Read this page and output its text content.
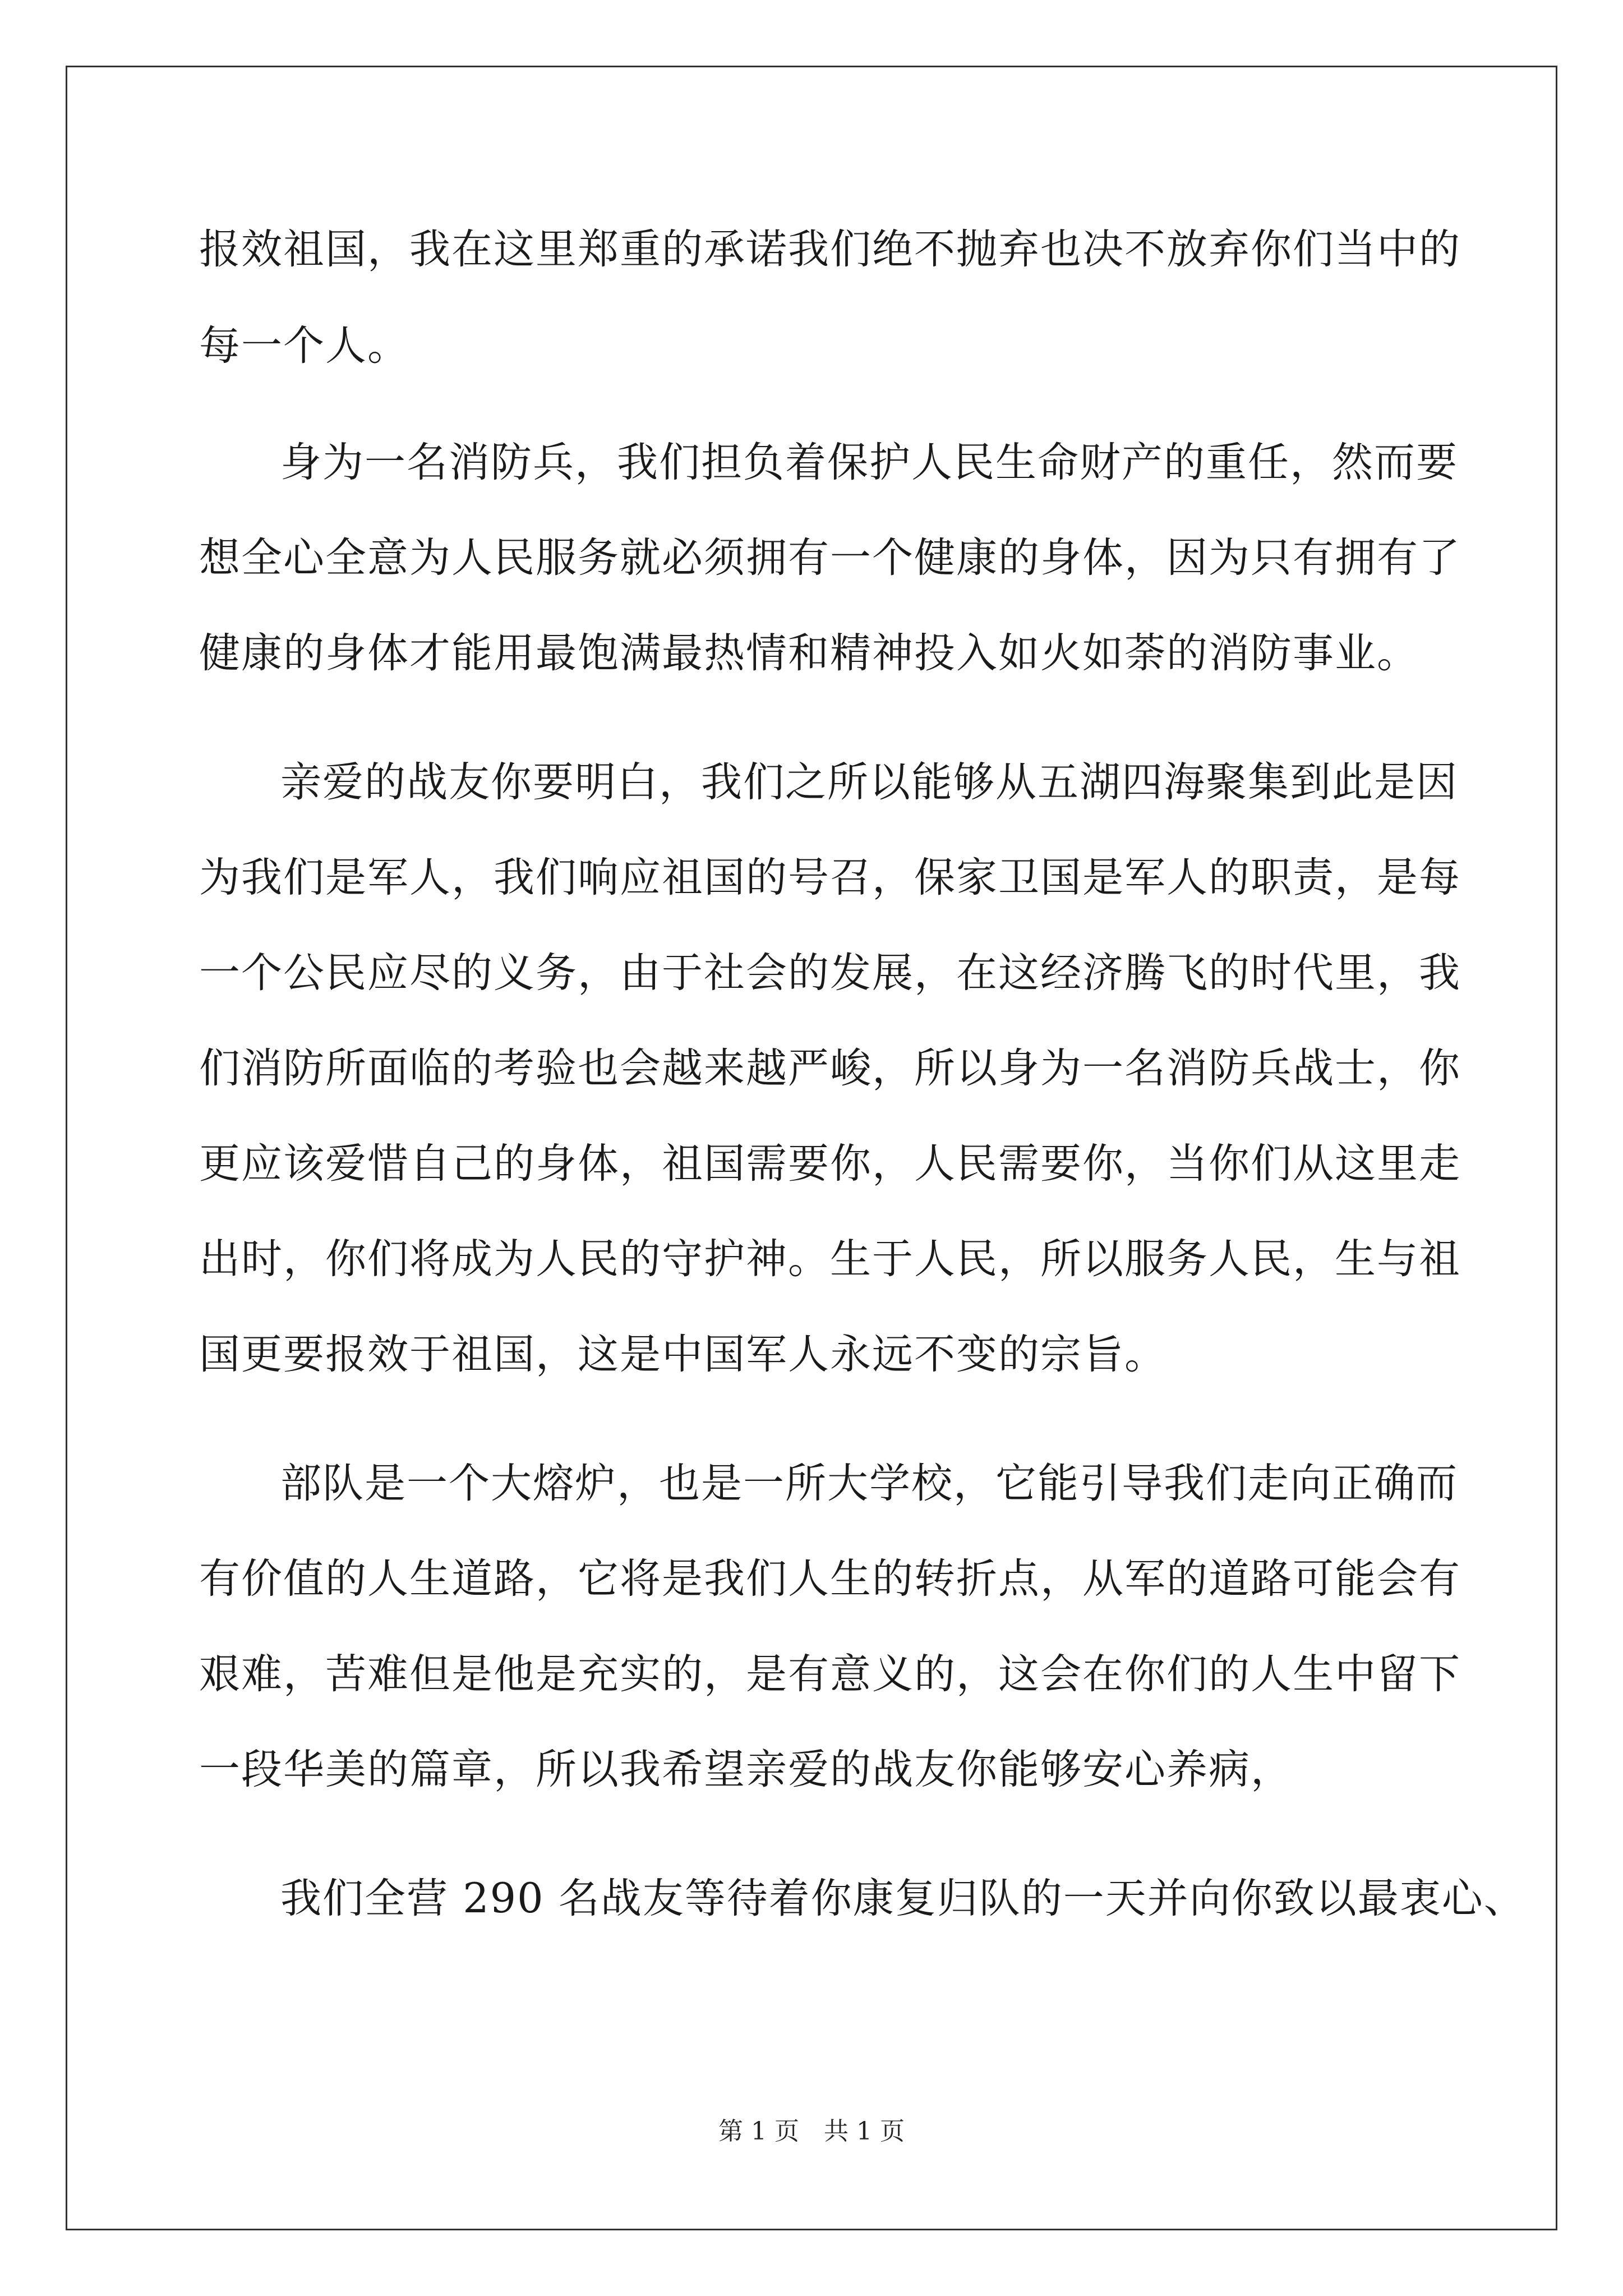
报效祖国，我在这里郑重的承诺我们绝不抛弃也决不放弃你们当中的
每一个人。
身为一名消防兵，我们担负着保护人民生命财产的重任，然而要
想全心全意为人民服务就必须拥有一个健康的身体，因为只有拥有了
健康的身体才能用最饱满最热情和精神投入如火如荼的消防事业。
亲爱的战友你要明白，我们之所以能够从五湖四海聚集到此是因
为我们是军人，我们响应祖国的号召，保家卫国是军人的职责，是每
一个公民应尽的义务，由于社会的发展，在这经济腾飞的时代里，我
们消防所面临的考验也会越来越严峻，所以身为一名消防兵战士，你
更应该爱惜自己的身体，祖国需要你，人民需要你，当你们从这里走
出时，你们将成为人民的守护神。生于人民，所以服务人民，生与祖
国更要报效于祖国，这是中国军人永远不变的宗旨。
部队是一个大熔炉，也是一所大学校，它能引导我们走向正确而
有价值的人生道路，它将是我们人生的转折点，从军的道路可能会有
艰难，苦难但是他是充实的，是有意义的，这会在你们的人生中留下
一段华美的篇章，所以我希望亲爱的战友你能够安心养病，
我们全营 290 名战友等待着你康复归队的一天并向你致以最衷心、
第 1 页　共 1 页
